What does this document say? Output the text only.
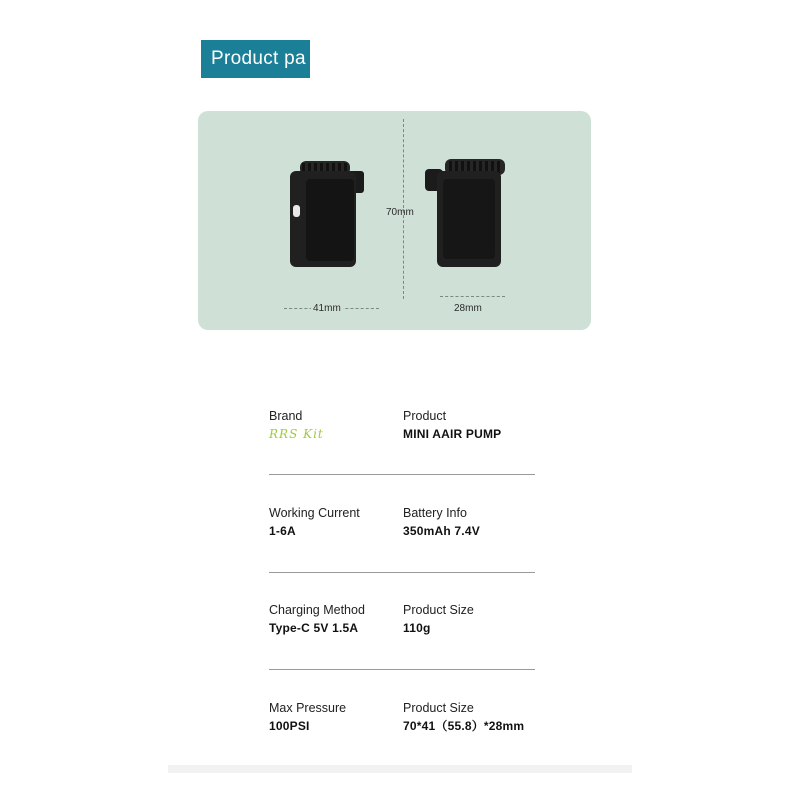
Product pa
70mm
41mm	28mm
Brand
RRS Kit
Product
MINI AAIR PUMP
Working Current
1-6A
Battery Info
350mAh 7.4V
Charging Method
Type-C 5V 1.5A
Product Size
110g
Max Pressure
100PSI
Product Size
70*41（55.8）*28mm
